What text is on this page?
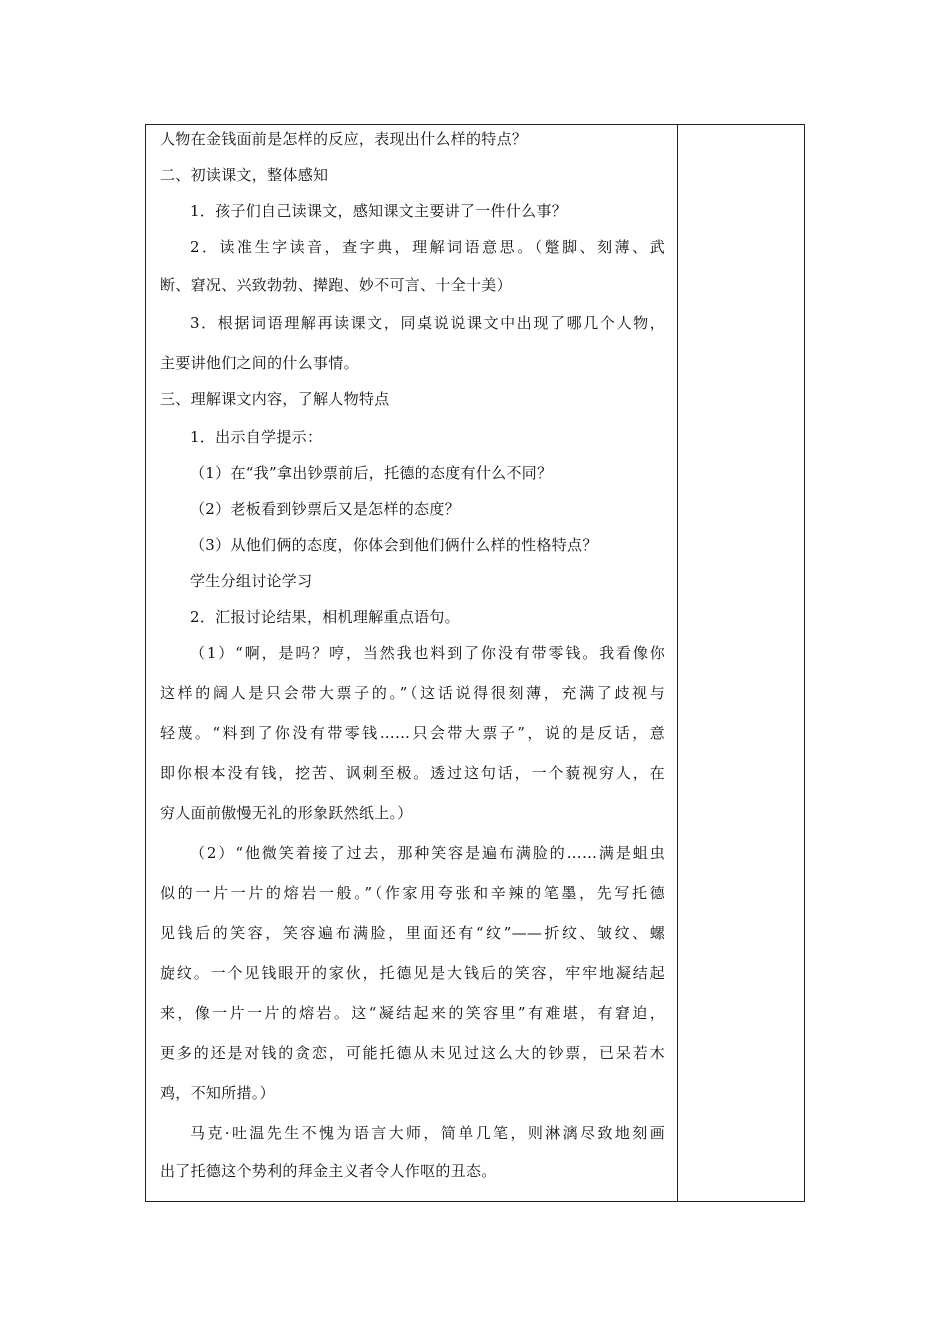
人物在金钱面前是怎样的反应，表现出什么样的特点？
二、初读课文，整体感知
1．孩子们自己读课文，感知课文主要讲了一件什么事？
2．读准生字读音，查字典，理解词语意思。（蹩脚、刻薄、武
断、窘况、兴致勃勃、撵跑、妙不可言、十全十美）
3．根据词语理解再读课文，同桌说说课文中出现了哪几个人物，
主要讲他们之间的什么事情。
三、理解课文内容，了解人物特点
1．出示自学提示：
（1）在“我”拿出钞票前后，托德的态度有什么不同？
（2）老板看到钞票后又是怎样的态度？
（3）从他们俩的态度，你体会到他们俩什么样的性格特点？
学生分组讨论学习
2．汇报讨论结果，相机理解重点语句。
（1）“啊，是吗？哼，当然我也料到了你没有带零钱。我看像你
这样的阔人是只会带大票子的。”（这话说得很刻薄，充满了歧视与
轻蔑。“料到了你没有带零钱……只会带大票子”，说的是反话，意
即你根本没有钱，挖苦、讽刺至极。透过这句话，一个藐视穷人，在
穷人面前傲慢无礼的形象跃然纸上。）
（2）“他微笑着接了过去，那种笑容是遍布满脸的……满是蛆虫
似的一片一片的熔岩一般。”（作家用夸张和辛辣的笔墨，先写托德
见钱后的笑容，笑容遍布满脸，里面还有“纹”——折纹、皱纹、螺
旋纹。一个见钱眼开的家伙，托德见是大钱后的笑容，牢牢地凝结起
来，像一片一片的熔岩。这“凝结起来的笑容里”有难堪，有窘迫，
更多的还是对钱的贪恋，可能托德从未见过这么大的钞票，已呆若木
鸡，不知所措。）
马克·吐温先生不愧为语言大师，简单几笔，则淋漓尽致地刻画
出了托德这个势利的拜金主义者令人作呕的丑态。
